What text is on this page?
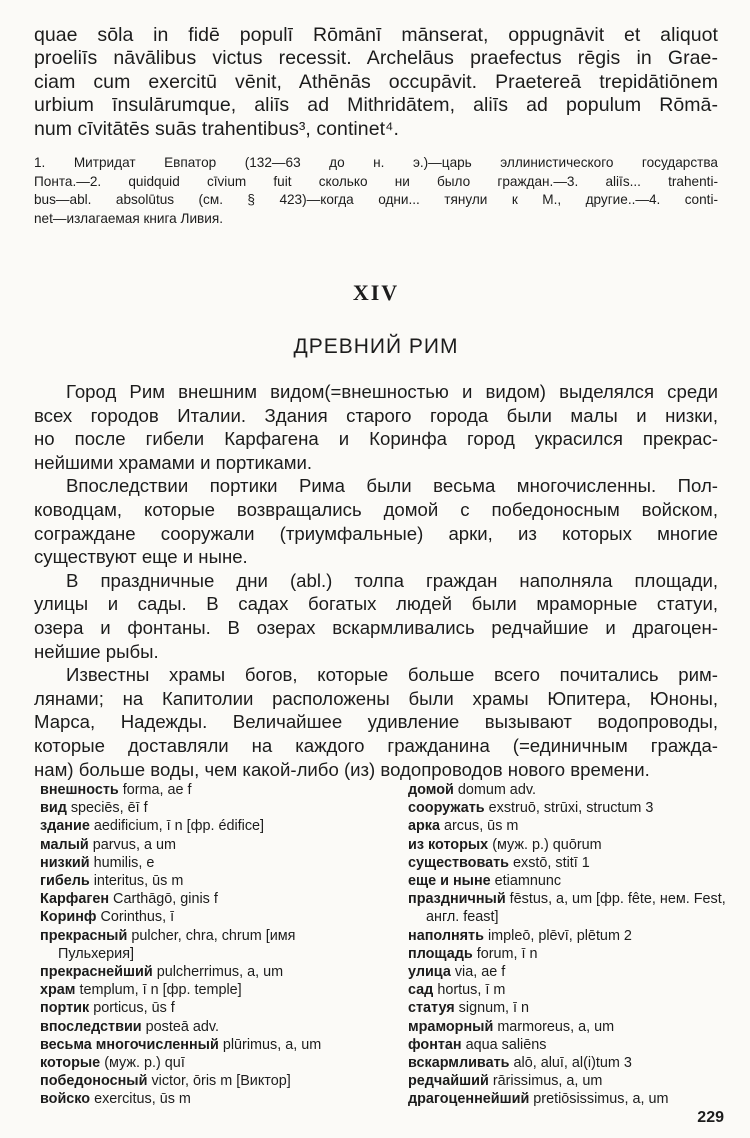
quae sōla in fidē populī Rōmānī mānserat, oppugnāvit et aliquot
proeliīs nāvālibus victus recessit. Archelāus praefectus rēgis in Grae-
ciam cum exercitū vēnit, Athēnās occupāvit. Praetereā trepidātiōnem
urbium īnsulārumque, aliīs ad Mithridātem, aliīs ad populum Rōmā-
num cīvitātēs suās trahentibus³, continet⁴.
1. Митридат Евпатор (132—63 до н. э.)—царь эллинистического государства
Понта.—2. quidquid cīvium fuit сколько ни было граждан.—3. aliīs... trahenti-
bus—abl. absolūtus (см. § 423)—когда одни... тянули к М., другие..—4. conti-
net—излагаемая книга Ливия.
XIV
ДРЕВНИЙ РИМ
Город Рим внешним видом(=внешностью и видом) выделялся среди
всех городов Италии. Здания старого города были малы и низки,
но после гибели Карфагена и Коринфа город украсился прекрас-
нейшими храмами и портиками.
Впоследствии портики Рима были весьма многочисленны. Пол-
ководцам, которые возвращались домой с победоносным войском,
сограждане сооружали (триумфальные) арки, из которых многие
существуют еще и ныне.
В праздничные дни (abl.) толпа граждан наполняла площади,
улицы и сады. В садах богатых людей были мраморные статуи,
озера и фонтаны. В озерах вскармливались редчайшие и драгоцен-
нейшие рыбы.
Известны храмы богов, которые больше всего почитались рим-
лянами; на Капитолии расположены были храмы Юпитера, Юноны,
Марса, Надежды. Величайшее удивление вызывают водопроводы,
которые доставляли на каждого гражданина (=единичным гражда-
нам) больше воды, чем какой-либо (из) водопроводов нового времени.
внешность forma, ae f
вид speciēs, ēī f
здание aedificium, ī n [фр. édifice]
малый parvus, a um
низкий humilis, e
гибель interitus, ūs m
Карфаген Carthāgō, ginis f
Коринф Corinthus, ī
прекрасный pulcher, chra, chrum [имя Пульхерия]
прекраснейший pulcherrimus, a, um
храм templum, ī n [фр. temple]
портик porticus, ūs f
впоследствии posteā adv.
весьма многочисленный plūrimus, a, um
которые (муж. р.) quī
победоносный victor, ōris m [Виктор]
войско exercitus, ūs m
домой domum adv.
сооружать exstruō, strūxi, structum 3
арка arcus, ūs m
из которых (муж. р.) quōrum
существовать exstō, stitī 1
еще и ныне etiamnunc
праздничный fēstus, a, um [фр. fête, нем. Fest, англ. feast]
наполнять impleō, plēvī, plētum 2
площадь forum, ī n
улица via, ae f
сад hortus, ī m
статуя signum, ī n
мраморный marmoreus, a, um
фонтан aqua saliēns
вскармливать alō, aluī, al(i)tum 3
редчайший rārissimus, a, um
драгоценнейший pretiōsissimus, a, um
229
